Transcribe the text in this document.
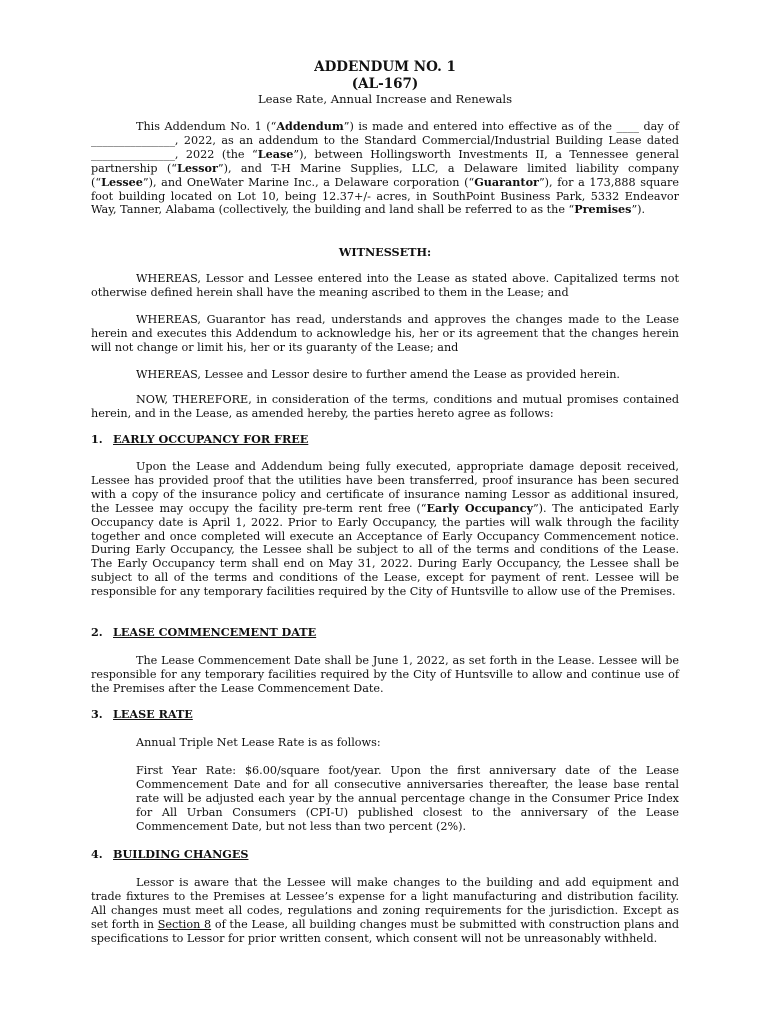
ADDENDUM NO. 1
(AL-167)
Lease Rate, Annual Increase and Renewals

This Addendum No. 1 (“Addendum”) is made and entered into effective as of the ____ day of _______________, 2022, as an addendum to the Standard Commercial/Industrial Building Lease dated _______________, 2022 (the “Lease”), between Hollingsworth Investments II, a Tennessee general partnership (“Lessor”), and T-H Marine Supplies, LLC, a Delaware limited liability company (“Lessee”), and OneWater Marine Inc., a Delaware corporation (“Guarantor”), for a 173,888 square foot building located on Lot 10, being 12.37+/- acres, in SouthPoint Business Park, 5332 Endeavor Way, Tanner, Alabama (collectively, the building and land shall be referred to as the “Premises”).

WITNESSETH:

WHEREAS, Lessor and Lessee entered into the Lease as stated above. Capitalized terms not otherwise defined herein shall have the meaning ascribed to them in the Lease; and

WHEREAS, Guarantor has read, understands and approves the changes made to the Lease herein and executes this Addendum to acknowledge his, her or its agreement that the changes herein will not change or limit his, her or its guaranty of the Lease; and

WHEREAS, Lessee and Lessor desire to further amend the Lease as provided herein.

NOW, THEREFORE, in consideration of the terms, conditions and mutual promises contained herein, and in the Lease, as amended hereby, the parties hereto agree as follows:

1. EARLY OCCUPANCY FOR FREE

Upon the Lease and Addendum being fully executed, appropriate damage deposit received, Lessee has provided proof that the utilities have been transferred, proof insurance has been secured with a copy of the insurance policy and certificate of insurance naming Lessor as additional insured, the Lessee may occupy the facility pre-term rent free (“Early Occupancy”). The anticipated Early Occupancy date is April 1, 2022. Prior to Early Occupancy, the parties will walk through the facility together and once completed will execute an Acceptance of Early Occupancy Commencement notice. During Early Occupancy, the Lessee shall be subject to all of the terms and conditions of the Lease. The Early Occupancy term shall end on May 31, 2022. During Early Occupancy, the Lessee shall be subject to all of the terms and conditions of the Lease, except for payment of rent. Lessee will be responsible for any temporary facilities required by the City of Huntsville to allow use of the Premises.

2. LEASE COMMENCEMENT DATE

The Lease Commencement Date shall be June 1, 2022, as set forth in the Lease. Lessee will be responsible for any temporary facilities required by the City of Huntsville to allow and continue use of the Premises after the Lease Commencement Date.

3. LEASE RATE

Annual Triple Net Lease Rate is as follows:

First Year Rate: $6.00/square foot/year. Upon the first anniversary date of the Lease Commencement Date and for all consecutive anniversaries thereafter, the lease base rental rate will be adjusted each year by the annual percentage change in the Consumer Price Index for All Urban Consumers (CPI-U) published closest to the anniversary of the Lease Commencement Date, but not less than two percent (2%).

4. BUILDING CHANGES

Lessor is aware that the Lessee will make changes to the building and add equipment and trade fixtures to the Premises at Lessee’s expense for a light manufacturing and distribution facility. All changes must meet all codes, regulations and zoning requirements for the jurisdiction. Except as set forth in Section 8 of the Lease, all building changes must be submitted with construction plans and specifications to Lessor for prior written consent, which consent will not be unreasonably withheld.
